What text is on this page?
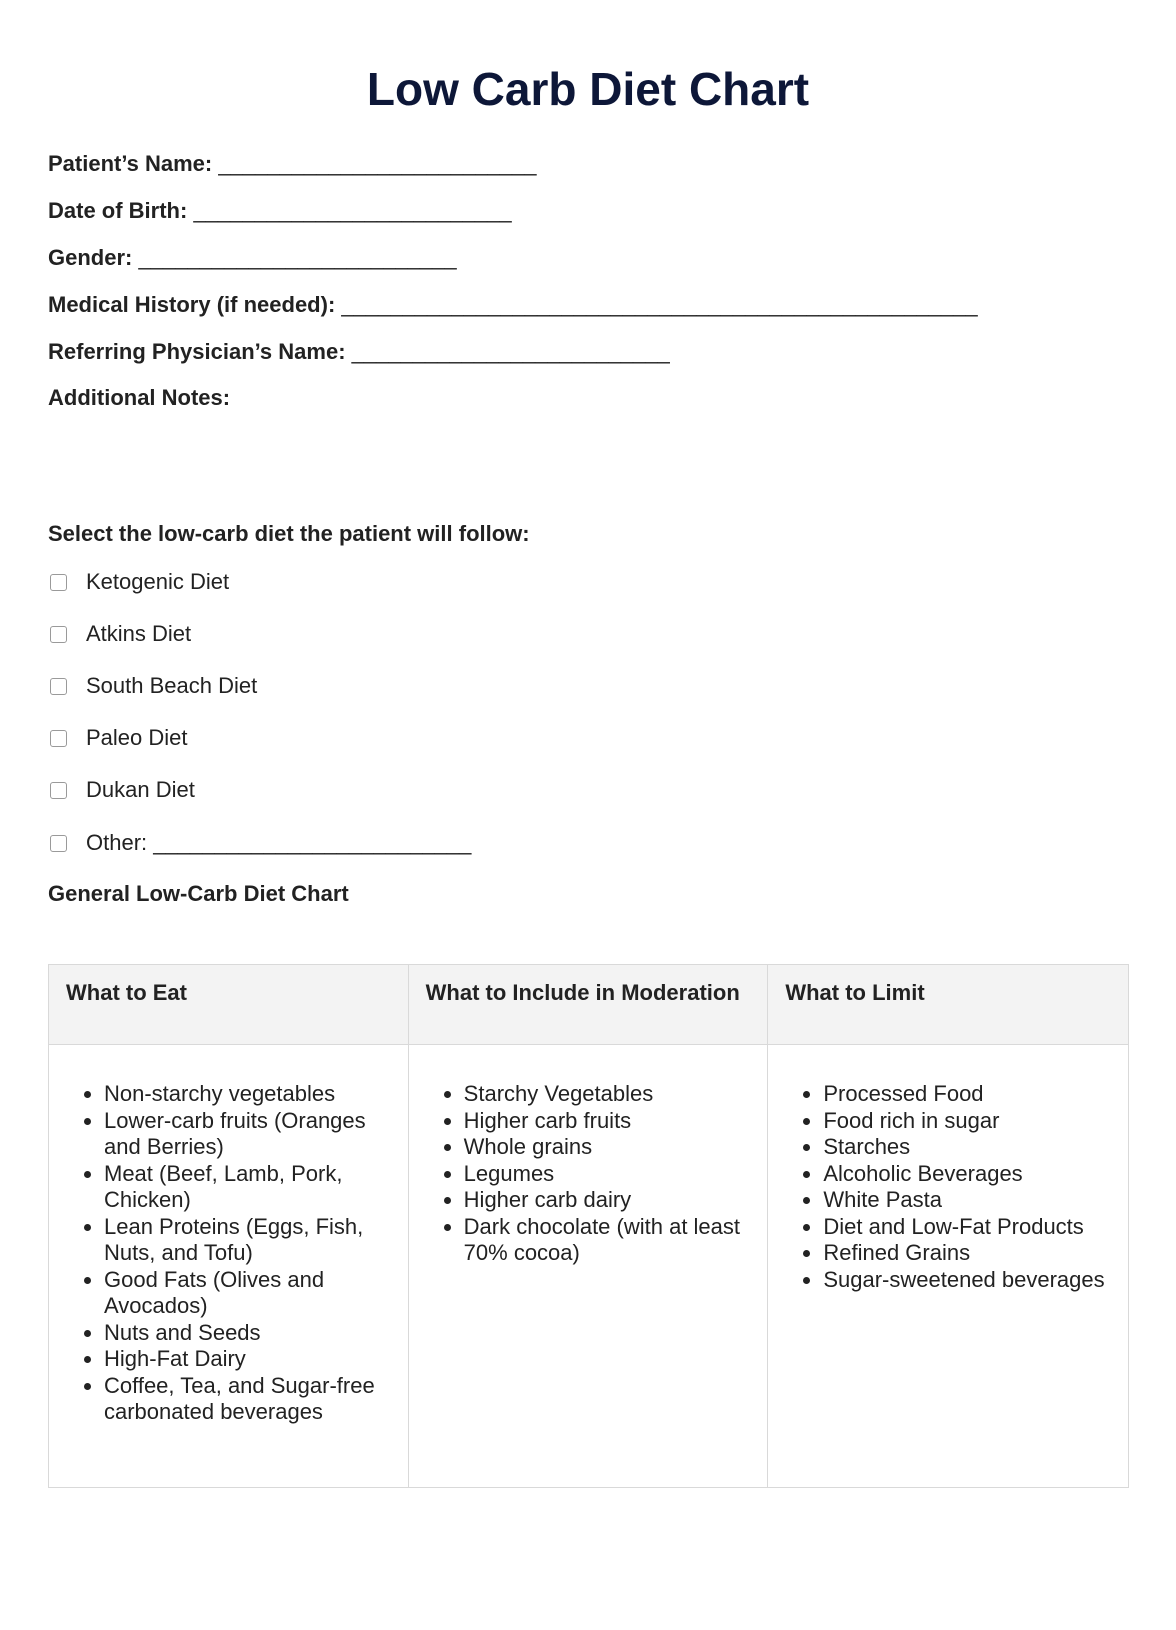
Low Carb Diet Chart
Patient’s Name: __________________________
Date of Birth: __________________________
Gender: __________________________
Medical History (if needed): ____________________________________________________
Referring Physician’s Name: __________________________
Additional Notes:
Select the low-carb diet the patient will follow:
Ketogenic Diet
Atkins Diet
South Beach Diet
Paleo Diet
Dukan Diet
Other: __________________________
General Low-Carb Diet Chart
What to Eat
• Non-starchy vegetables
• Lower-carb fruits (Oranges and Berries)
• Meat (Beef, Lamb, Pork, Chicken)
• Lean Proteins (Eggs, Fish, Nuts, and Tofu)
• Good Fats (Olives and Avocados)
• Nuts and Seeds
• High-Fat Dairy
• Coffee, Tea, and Sugar-free carbonated beverages
What to Include in Moderation
• Starchy Vegetables
• Higher carb fruits
• Whole grains
• Legumes
• Higher carb dairy
• Dark chocolate (with at least 70% cocoa)
What to Limit
• Processed Food
• Food rich in sugar
• Starches
• Alcoholic Beverages
• White Pasta
• Diet and Low-Fat Products
• Refined Grains
• Sugar-sweetened beverages
